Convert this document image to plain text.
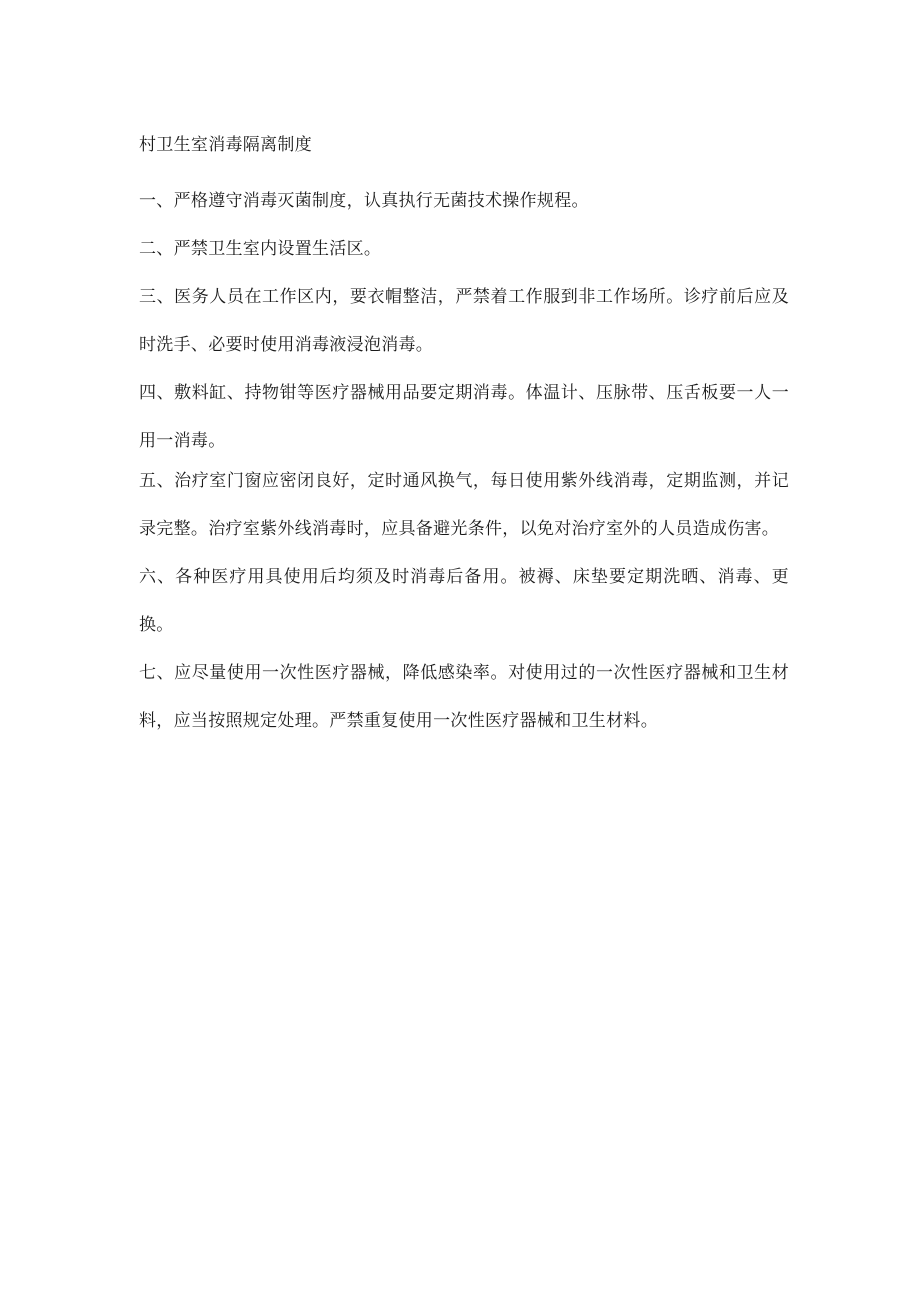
村卫生室消毒隔离制度

一、严格遵守消毒灭菌制度，认真执行无菌技术操作规程。

二、严禁卫生室内设置生活区。

三、医务人员在工作区内，要衣帽整洁，严禁着工作服到非工作场所。诊疗前后应及时洗手、必要时使用消毒液浸泡消毒。

四、敷料缸、持物钳等医疗器械用品要定期消毒。体温计、压脉带、压舌板要一人一用一消毒。

五、治疗室门窗应密闭良好，定时通风换气，每日使用紫外线消毒，定期监测，并记录完整。治疗室紫外线消毒时，应具备避光条件，以免对治疗室外的人员造成伤害。

六、各种医疗用具使用后均须及时消毒后备用。被褥、床垫要定期洗晒、消毒、更换。

七、应尽量使用一次性医疗器械，降低感染率。对使用过的一次性医疗器械和卫生材料，应当按照规定处理。严禁重复使用一次性医疗器械和卫生材料。
